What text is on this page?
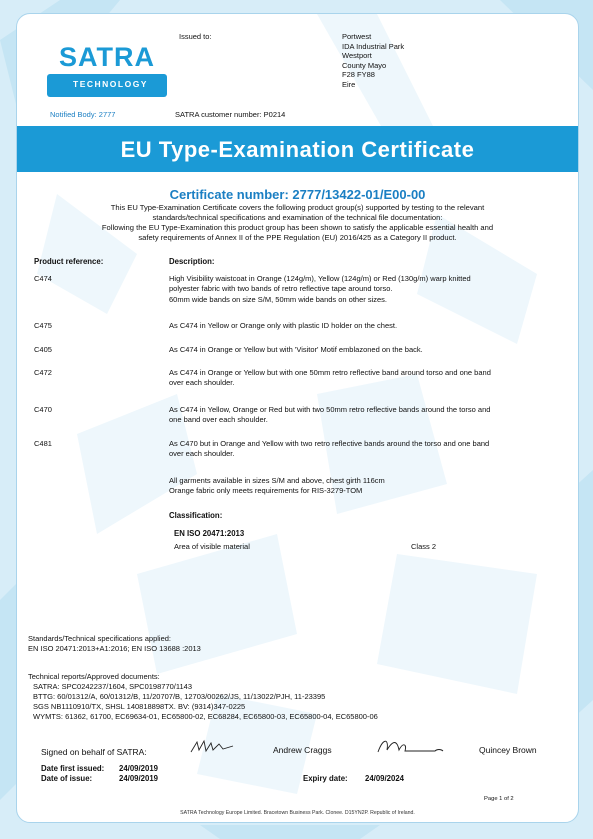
SATRA
TECHNOLOGY
Issued to:	Portwest
IDA Industrial Park
Westport
County Mayo
F28 FY88
Eire
Notified Body: 2777	SATRA customer number: P0214
EU Type-Examination Certificate
Certificate number: 2777/13422-01/E00-00
This EU Type-Examination Certificate covers the following product group(s) supported by testing to the relevant
standards/technical specifications and examination of the technical file documentation:
Following the EU Type-Examination this product group has been shown to satisfy the applicable essential health and
safety requirements of Annex II of the PPE Regulation (EU) 2016/425 as a Category II product.
Product reference:	Description:
C474	High Visibility waistcoat in Orange (124g/m), Yellow (124g/m) or Red (130g/m) warp knitted
polyester fabric with two bands of retro reflective tape around torso.
60mm wide bands on size S/M, 50mm wide bands on other sizes.
C475	As C474 in Yellow or Orange only with plastic ID holder on the chest.
C405	As C474 in Orange or Yellow but with 'Visitor' Motif emblazoned on the back.
C472	As C474 in Orange or Yellow but with one 50mm retro reflective band around torso and one band
over each shoulder.
C470	As C474 in Yellow, Orange or Red but with two 50mm retro reflective bands around the torso and
one band over each shoulder.
C481	As C470 but in Orange and Yellow with two retro reflective bands around the torso and one band
over each shoulder.
All garments available in sizes S/M and above, chest girth 116cm
Orange fabric only meets requirements for RIS-3279-TOM
Classification:
EN ISO 20471:2013
Area of visible material	Class 2
Standards/Technical specifications applied:
EN ISO 20471:2013+A1:2016; EN ISO 13688 :2013
Technical reports/Approved documents:
SATRA: SPC0242237/1604, SPC0198770/1143
BTTG: 60/01312/A, 60/01312/B, 11/20707/B, 12703/00262/JS, 11/13022/PJH, 11-23395
SGS NB1110910/TX, SHSL 140818898TX. BV: (9314)347-0225
WYMTS: 61362, 61700, EC69634-01, EC65800-02, EC68284, EC65800-03, EC65800-04, EC65800-06
Signed on behalf of SATRA:	Andrew Craggs	Quincey Brown
Date first issued: 24/09/2019
Date of issue:	24/09/2019	Expiry date: 24/09/2024
Page 1 of 2
SATRA Technology Europe Limited. Bracetown Business Park. Clonee. D15YN2P. Republic of Ireland.
